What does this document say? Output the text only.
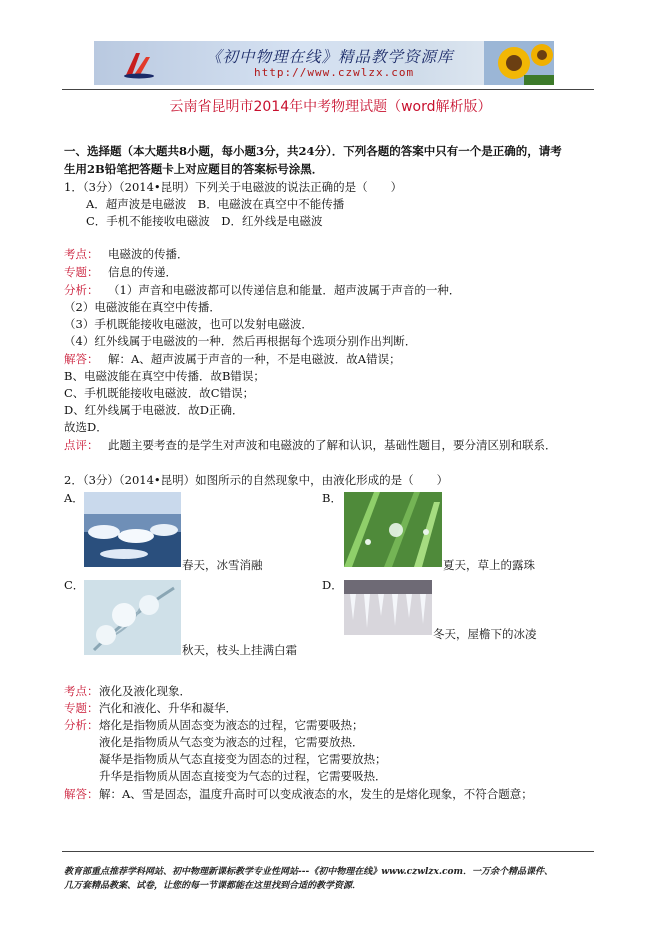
《初中物理在线》精品教学资源库
http://www.czwlzx.com
云南省昆明市2014年中考物理试题（word解析版）
一、选择题（本大题共8小题，每小题3分，共24分）．下列各题的答案中只有一个是正确的，请考
生用2B铅笔把答题卡上对应题目的答案标号涂黑．
1．（3分）（2014•昆明）下列关于电磁波的说法正确的是（　　）
A．超声波是电磁波　B．电磁波在真空中不能传播
C．手机不能接收电磁波　D．红外线是电磁波
考点： 电磁波的传播．
专题： 信息的传递．
分析： （1）声音和电磁波都可以传递信息和能量．超声波属于声音的一种．
（2）电磁波能在真空中传播．
（3）手机既能接收电磁波，也可以发射电磁波．
（4）红外线属于电磁波的一种．然后再根据每个选项分别作出判断．
解答： 解：A、超声波属于声音的一种，不是电磁波．故A错误；
B、电磁波能在真空中传播．故B错误；
C、手机既能接收电磁波．故C错误；
D、红外线属于电磁波．故D正确．
故选D．
点评： 此题主要考查的是学生对声波和电磁波的了解和认识，基础性题目，要分清区别和联系．
2．（3分）（2014•昆明）如图所示的自然现象中，由液化形成的是（　　）
A．
春天，冰雪消融
B．
夏天，草上的露珠
C．
秋天，枝头上挂满白霜
D．
冬天，屋檐下的冰凌
考点： 液化及液化现象．
专题： 汽化和液化、升华和凝华．
分析： 熔化是指物质从固态变为液态的过程，它需要吸热；
液化是指物质从气态变为液态的过程，它需要放热．
凝华是指物质从气态直接变为固态的过程，它需要放热；
升华是指物质从固态直接变为气态的过程，它需要吸热．
解答： 解：A、雪是固态，温度升高时可以变成液态的水，发生的是熔化现象，不符合题意；
教育部重点推荐学科网站、初中物理新课标教学专业性网站---《初中物理在线》www.czwlzx.com．一万余个精品课件、
几万套精品教案、试卷，让您的每一节课都能在这里找到合适的教学资源．
